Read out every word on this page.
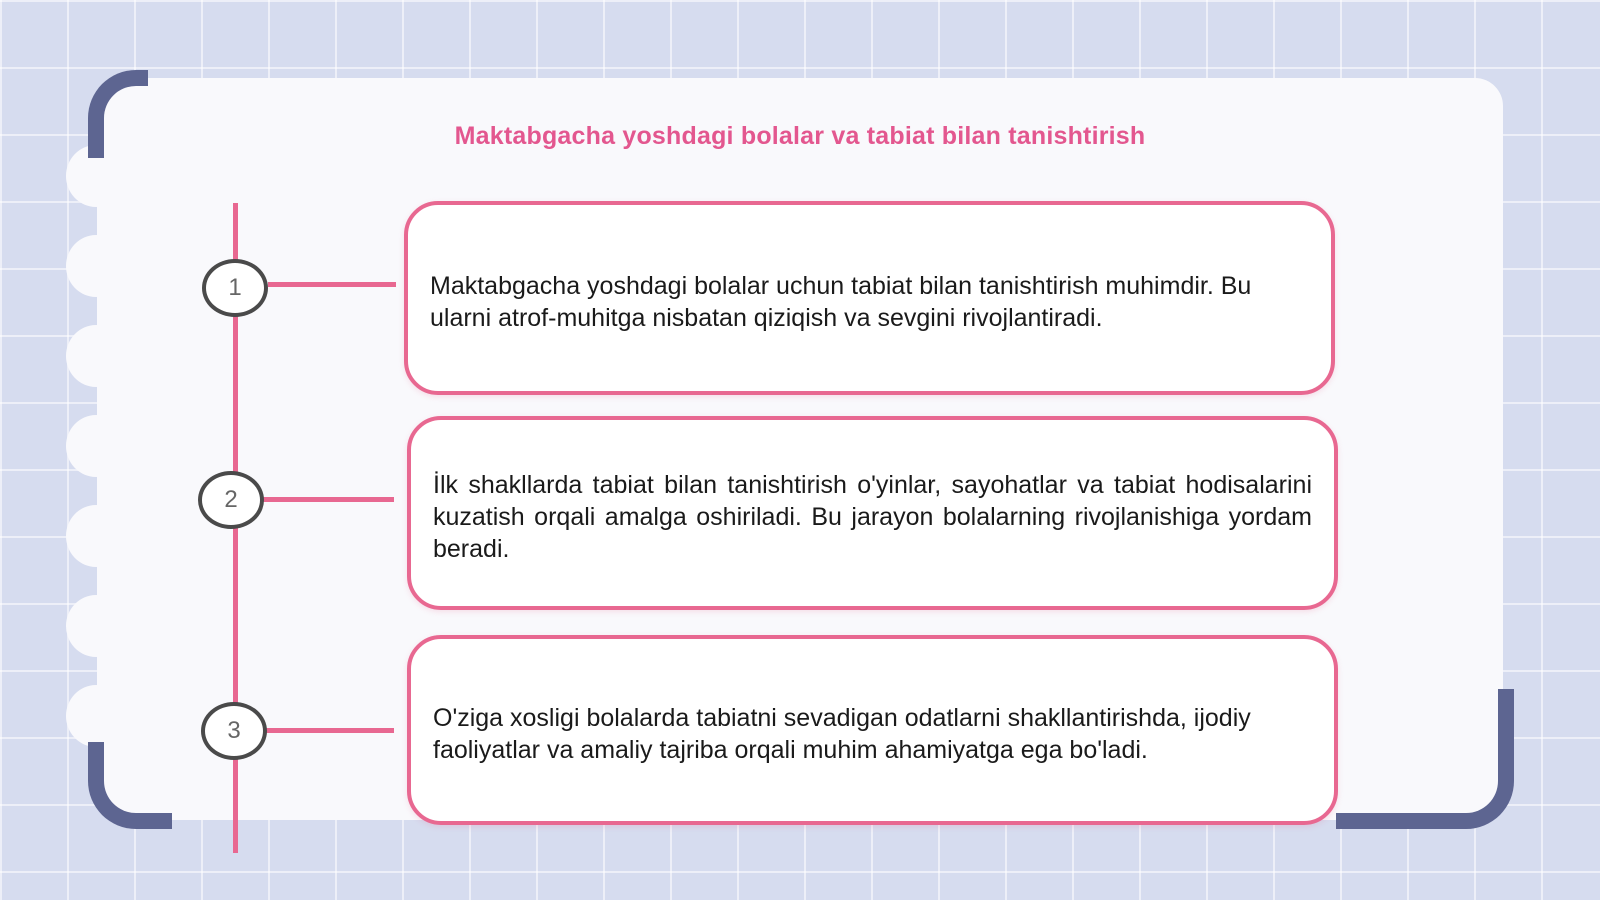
Maktabgacha yoshdagi bolalar va tabiat bilan tanishtirish
1
2
3
Maktabgacha yoshdagi bolalar uchun tabiat bilan tanishtirish muhimdir. Bu ularni atrof-muhitga nisbatan qiziqish va sevgini rivojlantiradi.
İlk shakllarda tabiat bilan tanishtirish o'yinlar, sayohatlar va tabiat hodisalarini kuzatish orqali amalga oshiriladi. Bu jarayon bolalarning rivojlanishiga yordam beradi.
O'ziga xosligi bolalarda tabiatni sevadigan odatlarni shakllantirishda, ijodiy faoliyatlar va amaliy tajriba orqali muhim ahamiyatga ega bo'ladi.
